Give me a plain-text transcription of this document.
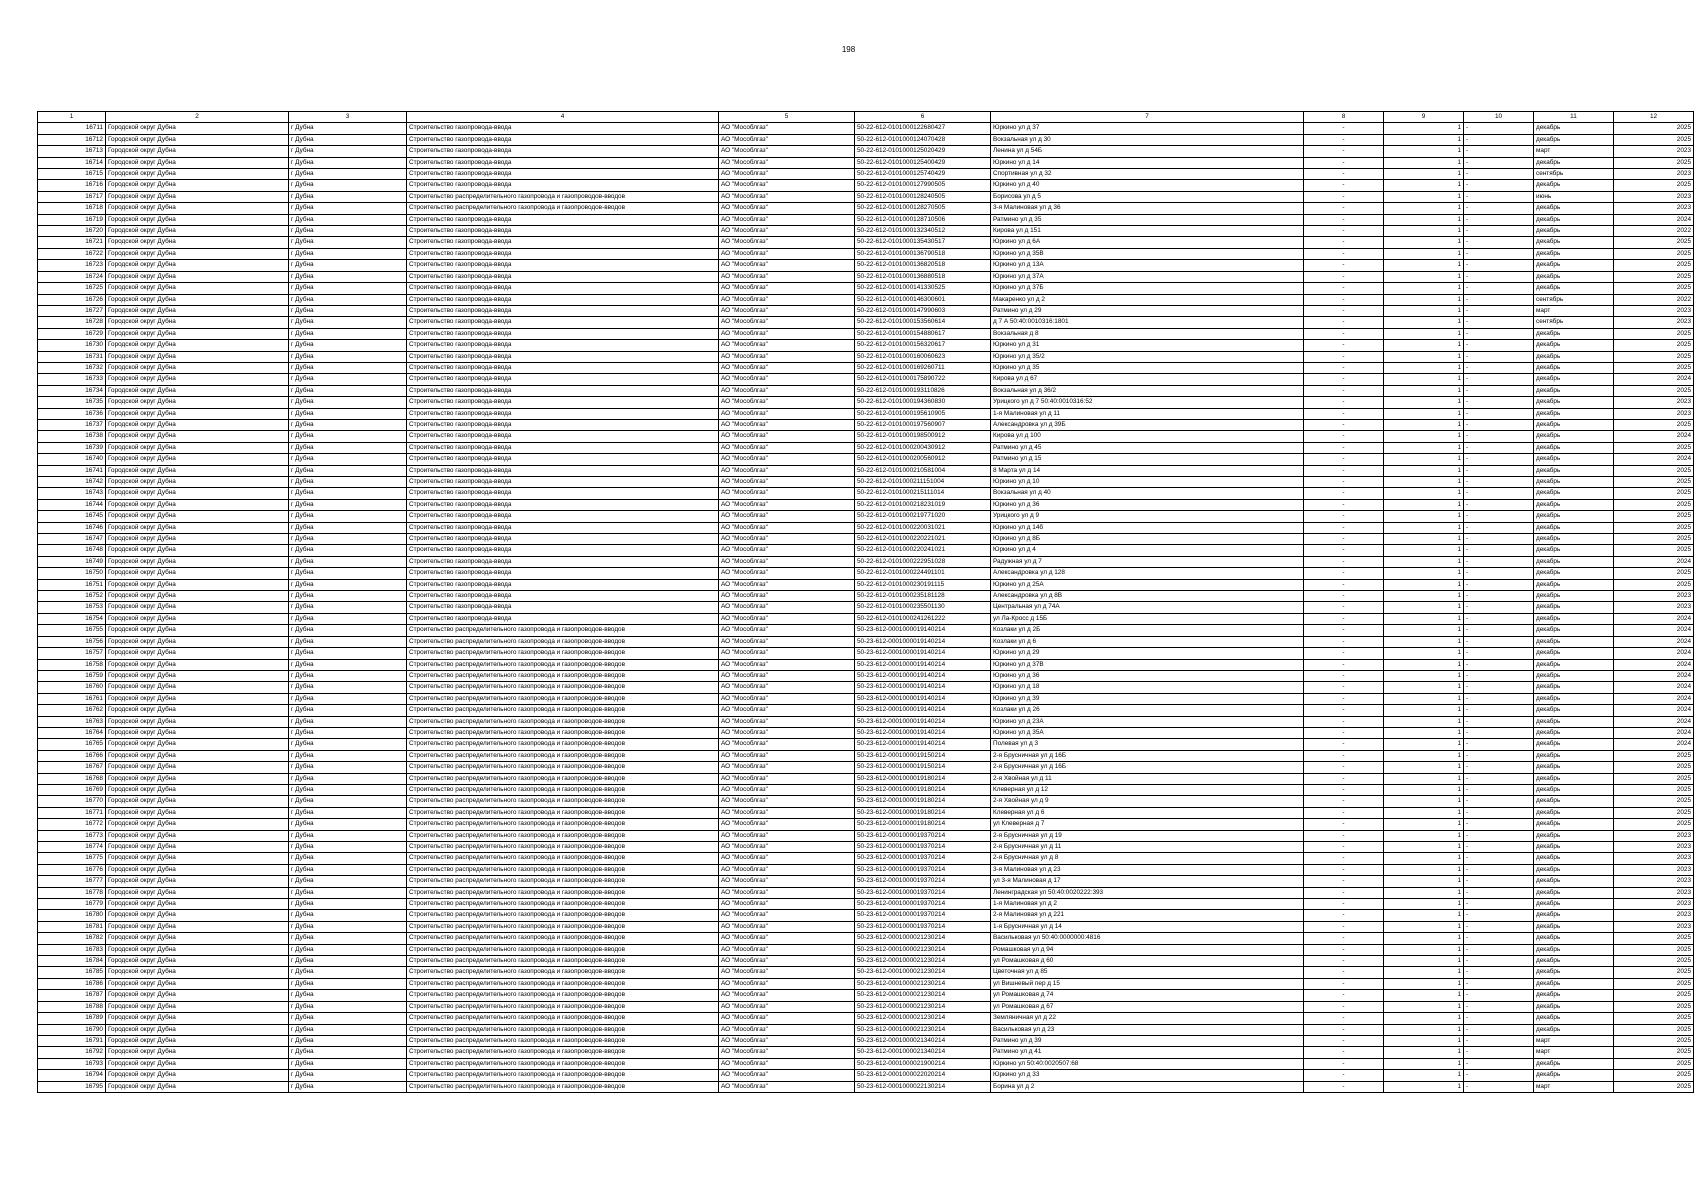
198
1	2	3	4	5	6	7	8	9	10	11	12
16711	Городской округ Дубна	г Дубна	Строительство газопровода-ввода	АО "Мособлгаз"	50-22-612-0101000122680427	Юркино ул д 37	-	1	-	декабрь	2025
16712	Городской округ Дубна	г Дубна	Строительство газопровода-ввода	АО "Мособлгаз"	50-22-612-0101000124070428	Вокзальная ул д 30	-	1	-	декабрь	2025
16713	Городской округ Дубна	г Дубна	Строительство газопровода-ввода	АО "Мособлгаз"	50-22-612-0101000125020429	Ленина ул д 54Б	-	1	-	март	2023
16714	Городской округ Дубна	г Дубна	Строительство газопровода-ввода	АО "Мособлгаз"	50-22-612-0101000125400429	Юркино ул д 14	-	1	-	декабрь	2025
16715	Городской округ Дубна	г Дубна	Строительство газопровода-ввода	АО "Мособлгаз"	50-22-612-0101000125740429	Спортивная ул д 32	-	1	-	сентябрь	2023
16716	Городской округ Дубна	г Дубна	Строительство газопровода-ввода	АО "Мособлгаз"	50-22-612-0101000127990505	Юркино ул д 40	-	1	-	декабрь	2025
16717	Городской округ Дубна	г Дубна	Строительство распределительного газопровода и газопроводов-вводов	АО "Мособлгаз"	50-22-612-0101000128240505	Борисова ул д 5	-	1	-	июнь	2023
16718	Городской округ Дубна	г Дубна	Строительство распределительного газопровода и газопроводов-вводов	АО "Мособлгаз"	50-22-612-0101000128270505	3-я Малиновая ул д 36	-	1	-	декабрь	2023
16719	Городской округ Дубна	г Дубна	Строительство газопровода-ввода	АО "Мособлгаз"	50-22-612-0101000128710506	Ратмино ул д 35	-	1	-	декабрь	2024
16720	Городской округ Дубна	г Дубна	Строительство газопровода-ввода	АО "Мособлгаз"	50-22-612-0101000132340512	Кирова ул д 151	-	1	-	декабрь	2022
16721	Городской округ Дубна	г Дубна	Строительство газопровода-ввода	АО "Мособлгаз"	50-22-612-0101000135430517	Юркино ул д 6А	-	1	-	декабрь	2025
16722	Городской округ Дубна	г Дубна	Строительство газопровода-ввода	АО "Мособлгаз"	50-22-612-0101000136790518	Юркино ул д 35В	-	1	-	декабрь	2025
16723	Городской округ Дубна	г Дубна	Строительство газопровода-ввода	АО "Мособлгаз"	50-22-612-0101000136820518	Юркино ул д 13А	-	1	-	декабрь	2025
16724	Городской округ Дубна	г Дубна	Строительство газопровода-ввода	АО "Мособлгаз"	50-22-612-0101000136880518	Юркино ул д 37А	-	1	-	декабрь	2025
16725	Городской округ Дубна	г Дубна	Строительство газопровода-ввода	АО "Мособлгаз"	50-22-612-0101000141330525	Юркино ул д 37Б	-	1	-	декабрь	2025
16726	Городской округ Дубна	г Дубна	Строительство газопровода-ввода	АО "Мособлгаз"	50-22-612-0101000146300601	Макаренко ул д 2	-	1	-	сентябрь	2022
16727	Городской округ Дубна	г Дубна	Строительство газопровода-ввода	АО "Мособлгаз"	50-22-612-0101000147990603	Ратмино ул д 29	-	1	-	март	2023
16728	Городской округ Дубна	г Дубна	Строительство газопровода-ввода	АО "Мособлгаз"	50-22-612-0101000153560614	д 7 А 50:40:0010316:1801	-	1	-	сентябрь	2023
16729	Городской округ Дубна	г Дубна	Строительство газопровода-ввода	АО "Мособлгаз"	50-22-612-0101000154880617	Вокзальная д 8	-	1	-	декабрь	2025
16730	Городской округ Дубна	г Дубна	Строительство газопровода-ввода	АО "Мособлгаз"	50-22-612-0101000156320617	Юркино ул д 31	-	1	-	декабрь	2025
16731	Городской округ Дубна	г Дубна	Строительство газопровода-ввода	АО "Мособлгаз"	50-22-612-0101000160060623	Юркино ул д 35/2	-	1	-	декабрь	2025
16732	Городской округ Дубна	г Дубна	Строительство газопровода-ввода	АО "Мособлгаз"	50-22-612-0101000169260711	Юркино ул д 35	-	1	-	декабрь	2025
16733	Городской округ Дубна	г Дубна	Строительство газопровода-ввода	АО "Мособлгаз"	50-22-612-0101000175890722	Кирова ул д 67	-	1	-	декабрь	2024
16734	Городской округ Дубна	г Дубна	Строительство газопровода-ввода	АО "Мособлгаз"	50-22-612-0101000193110826	Вокзальная ул д 36/2	-	1	-	декабрь	2025
16735	Городской округ Дубна	г Дубна	Строительство газопровода-ввода	АО "Мособлгаз"	50-22-612-0101000194360830	Урицкого ул д 7 50:40:0010316:52	-	1	-	декабрь	2023
16736	Городской округ Дубна	г Дубна	Строительство газопровода-ввода	АО "Мособлгаз"	50-22-612-0101000195610905	1-я Малиновая ул д 11	-	1	-	декабрь	2023
16737	Городской округ Дубна	г Дубна	Строительство газопровода-ввода	АО "Мособлгаз"	50-22-612-0101000197560907	Александровка ул д 39Б	-	1	-	декабрь	2025
16738	Городской округ Дубна	г Дубна	Строительство газопровода-ввода	АО "Мособлгаз"	50-22-612-0101000198500912	Кирова ул д 100	-	1	-	декабрь	2024
16739	Городской округ Дубна	г Дубна	Строительство газопровода-ввода	АО "Мособлгаз"	50-22-612-0101000200430912	Ратмино ул д 45	-	1	-	декабрь	2025
16740	Городской округ Дубна	г Дубна	Строительство газопровода-ввода	АО "Мособлгаз"	50-22-612-0101000200560912	Ратмино ул д 15	-	1	-	декабрь	2024
16741	Городской округ Дубна	г Дубна	Строительство газопровода-ввода	АО "Мособлгаз"	50-22-612-0101000210581004	8 Марта ул д 14	-	1	-	декабрь	2025
16742	Городской округ Дубна	г Дубна	Строительство газопровода-ввода	АО "Мособлгаз"	50-22-612-0101000211151004	Юркино ул д 10	-	1	-	декабрь	2025
16743	Городской округ Дубна	г Дубна	Строительство газопровода-ввода	АО "Мособлгаз"	50-22-612-0101000215111014	Вокзальная ул д 40	-	1	-	декабрь	2025
16744	Городской округ Дубна	г Дубна	Строительство газопровода-ввода	АО "Мособлгаз"	50-22-612-0101000218231019	Юркино ул д 36	-	1	-	декабрь	2025
16745	Городской округ Дубна	г Дубна	Строительство газопровода-ввода	АО "Мособлгаз"	50-22-612-0101000219771020	Урицкого ул д 9	-	1	-	декабрь	2025
16746	Городской округ Дубна	г Дубна	Строительство газопровода-ввода	АО "Мособлгаз"	50-22-612-0101000220031021	Юркино ул д 14б	-	1	-	декабрь	2025
16747	Городской округ Дубна	г Дубна	Строительство газопровода-ввода	АО "Мособлгаз"	50-22-612-0101000220221021	Юркино ул д 8Б	-	1	-	декабрь	2025
16748	Городской округ Дубна	г Дубна	Строительство газопровода-ввода	АО "Мособлгаз"	50-22-612-0101000220241021	Юркино ул д 4	-	1	-	декабрь	2025
16749	Городской округ Дубна	г Дубна	Строительство газопровода-ввода	АО "Мособлгаз"	50-22-612-0101000222951028	Радужная ул д 7	-	1	-	декабрь	2024
16750	Городской округ Дубна	г Дубна	Строительство газопровода-ввода	АО "Мособлгаз"	50-22-612-0101000224491101	Александровка ул д 128	-	1	-	декабрь	2025
16751	Городской округ Дубна	г Дубна	Строительство газопровода-ввода	АО "Мособлгаз"	50-22-612-0101000230191115	Юркино ул д 25А	-	1	-	декабрь	2025
16752	Городской округ Дубна	г Дубна	Строительство газопровода-ввода	АО "Мособлгаз"	50-22-612-0101000235181128	Александровка ул д 8В	-	1	-	декабрь	2023
16753	Городской округ Дубна	г Дубна	Строительство газопровода-ввода	АО "Мособлгаз"	50-22-612-0101000235501130	Центральная ул д 74А	-	1	-	декабрь	2023
16754	Городской округ Дубна	г Дубна	Строительство газопровода-ввода	АО "Мособлгаз"	50-22-612-0101000241261222	ул Ла-Кросс д 15Б	-	1	-	декабрь	2024
16755	Городской округ Дубна	г Дубна	Строительство распределительного газопровода и газопроводов-вводов	АО "Мособлгаз"	50-23-612-0001000019140214	Козлаки ул д 2Б	-	1	-	декабрь	2024
16756	Городской округ Дубна	г Дубна	Строительство распределительного газопровода и газопроводов-вводов	АО "Мособлгаз"	50-23-612-0001000019140214	Козлаки ул д 6	-	1	-	декабрь	2024
16757	Городской округ Дубна	г Дубна	Строительство распределительного газопровода и газопроводов-вводов	АО "Мособлгаз"	50-23-612-0001000019140214	Юркино ул д 29	-	1	-	декабрь	2024
16758	Городской округ Дубна	г Дубна	Строительство распределительного газопровода и газопроводов-вводов	АО "Мособлгаз"	50-23-612-0001000019140214	Юркино ул д 37В	-	1	-	декабрь	2024
16759	Городской округ Дубна	г Дубна	Строительство распределительного газопровода и газопроводов-вводов	АО "Мособлгаз"	50-23-612-0001000019140214	Юркино ул д 36	-	1	-	декабрь	2024
16760	Городской округ Дубна	г Дубна	Строительство распределительного газопровода и газопроводов-вводов	АО "Мособлгаз"	50-23-612-0001000019140214	Юркино ул д 18	-	1	-	декабрь	2024
16761	Городской округ Дубна	г Дубна	Строительство распределительного газопровода и газопроводов-вводов	АО "Мособлгаз"	50-23-612-0001000019140214	Юркино ул д 39	-	1	-	декабрь	2024
16762	Городской округ Дубна	г Дубна	Строительство распределительного газопровода и газопроводов-вводов	АО "Мособлгаз"	50-23-612-0001000019140214	Козлаки ул д 26	-	1	-	декабрь	2024
16763	Городской округ Дубна	г Дубна	Строительство распределительного газопровода и газопроводов-вводов	АО "Мособлгаз"	50-23-612-0001000019140214	Юркино ул д 23А	-	1	-	декабрь	2024
16764	Городской округ Дубна	г Дубна	Строительство распределительного газопровода и газопроводов-вводов	АО "Мособлгаз"	50-23-612-0001000019140214	Юркино ул д 35А	-	1	-	декабрь	2024
16765	Городской округ Дубна	г Дубна	Строительство распределительного газопровода и газопроводов-вводов	АО "Мособлгаз"	50-23-612-0001000019140214	Полевая ул д 3	-	1	-	декабрь	2024
16766	Городской округ Дубна	г Дубна	Строительство распределительного газопровода и газопроводов-вводов	АО "Мособлгаз"	50-23-612-0001000019150214	2-я Брусничная ул д 16Б	-	1	-	декабрь	2025
16767	Городской округ Дубна	г Дубна	Строительство распределительного газопровода и газопроводов-вводов	АО "Мособлгаз"	50-23-612-0001000019150214	2-я Брусничная ул д 16Б	-	1	-	декабрь	2025
16768	Городской округ Дубна	г Дубна	Строительство распределительного газопровода и газопроводов-вводов	АО "Мособлгаз"	50-23-612-0001000019180214	2-я Хвойная ул д 11	-	1	-	декабрь	2025
16769	Городской округ Дубна	г Дубна	Строительство распределительного газопровода и газопроводов-вводов	АО "Мособлгаз"	50-23-612-0001000019180214	Клеверная ул д 12	-	1	-	декабрь	2025
16770	Городской округ Дубна	г Дубна	Строительство распределительного газопровода и газопроводов-вводов	АО "Мособлгаз"	50-23-612-0001000019180214	2-я Хвойная ул д 9	-	1	-	декабрь	2025
16771	Городской округ Дубна	г Дубна	Строительство распределительного газопровода и газопроводов-вводов	АО "Мособлгаз"	50-23-612-0001000019180214	Клеверная ул д 6	-	1	-	декабрь	2025
16772	Городской округ Дубна	г Дубна	Строительство распределительного газопровода и газопроводов-вводов	АО "Мособлгаз"	50-23-612-0001000019180214	ул Клеверная д 7	-	1	-	декабрь	2025
16773	Городской округ Дубна	г Дубна	Строительство распределительного газопровода и газопроводов-вводов	АО "Мособлгаз"	50-23-612-0001000019370214	2-я Брусничная ул д 19	-	1	-	декабрь	2023
16774	Городской округ Дубна	г Дубна	Строительство распределительного газопровода и газопроводов-вводов	АО "Мособлгаз"	50-23-612-0001000019370214	2-я Брусничная ул д 11	-	1	-	декабрь	2023
16775	Городской округ Дубна	г Дубна	Строительство распределительного газопровода и газопроводов-вводов	АО "Мособлгаз"	50-23-612-0001000019370214	2-я Брусничная ул д 8	-	1	-	декабрь	2023
16776	Городской округ Дубна	г Дубна	Строительство распределительного газопровода и газопроводов-вводов	АО "Мособлгаз"	50-23-612-0001000019370214	3-я Малиновая ул д 23	-	1	-	декабрь	2023
16777	Городской округ Дубна	г Дубна	Строительство распределительного газопровода и газопроводов-вводов	АО "Мособлгаз"	50-23-612-0001000019370214	ул 3-я Малиновая д 17	-	1	-	декабрь	2023
16778	Городской округ Дубна	г Дубна	Строительство распределительного газопровода и газопроводов-вводов	АО "Мособлгаз"	50-23-612-0001000019370214	Ленинградская ул 50:40:0020222:393	-	1	-	декабрь	2023
16779	Городской округ Дубна	г Дубна	Строительство распределительного газопровода и газопроводов-вводов	АО "Мособлгаз"	50-23-612-0001000019370214	1-я Малиновая ул д 2	-	1	-	декабрь	2023
16780	Городской округ Дубна	г Дубна	Строительство распределительного газопровода и газопроводов-вводов	АО "Мособлгаз"	50-23-612-0001000019370214	2-я Малиновая ул д 221	-	1	-	декабрь	2023
16781	Городской округ Дубна	г Дубна	Строительство распределительного газопровода и газопроводов-вводов	АО "Мособлгаз"	50-23-612-0001000019370214	1-я Брусничная ул д 14	-	1	-	декабрь	2023
16782	Городской округ Дубна	г Дубна	Строительство распределительного газопровода и газопроводов-вводов	АО "Мособлгаз"	50-23-612-0001000021230214	Васильковая ул 50:40:0000000:4816	-	1	-	декабрь	2025
16783	Городской округ Дубна	г Дубна	Строительство распределительного газопровода и газопроводов-вводов	АО "Мособлгаз"	50-23-612-0001000021230214	Ромашковая ул д 94	-	1	-	декабрь	2025
16784	Городской округ Дубна	г Дубна	Строительство распределительного газопровода и газопроводов-вводов	АО "Мособлгаз"	50-23-612-0001000021230214	ул Ромашковая д 60	-	1	-	декабрь	2025
16785	Городской округ Дубна	г Дубна	Строительство распределительного газопровода и газопроводов-вводов	АО "Мособлгаз"	50-23-612-0001000021230214	Цветочная ул д 85	-	1	-	декабрь	2025
16786	Городской округ Дубна	г Дубна	Строительство распределительного газопровода и газопроводов-вводов	АО "Мособлгаз"	50-23-612-0001000021230214	ул Вишневый пер д 15	-	1	-	декабрь	2025
16787	Городской округ Дубна	г Дубна	Строительство распределительного газопровода и газопроводов-вводов	АО "Мособлгаз"	50-23-612-0001000021230214	ул Ромашковая д 74	-	1	-	декабрь	2025
16788	Городской округ Дубна	г Дубна	Строительство распределительного газопровода и газопроводов-вводов	АО "Мособлгаз"	50-23-612-0001000021230214	ул Ромашковая д 67	-	1	-	декабрь	2025
16789	Городской округ Дубна	г Дубна	Строительство распределительного газопровода и газопроводов-вводов	АО "Мособлгаз"	50-23-612-0001000021230214	Земляничная ул д 22	-	1	-	декабрь	2025
16790	Городской округ Дубна	г Дубна	Строительство распределительного газопровода и газопроводов-вводов	АО "Мособлгаз"	50-23-612-0001000021230214	Васильковая ул д 23	-	1	-	декабрь	2025
16791	Городской округ Дубна	г Дубна	Строительство распределительного газопровода и газопроводов-вводов	АО "Мособлгаз"	50-23-612-0001000021340214	Ратмино ул д 39	-	1	-	март	2025
16792	Городской округ Дубна	г Дубна	Строительство распределительного газопровода и газопроводов-вводов	АО "Мособлгаз"	50-23-612-0001000021340214	Ратмино ул д 41	-	1	-	март	2025
16793	Городской округ Дубна	г Дубна	Строительство распределительного газопровода и газопроводов-вводов	АО "Мособлгаз"	50-23-612-0001000021900214	Юркино ул 50:40:0020507:68	-	1	-	декабрь	2025
16794	Городской округ Дубна	г Дубна	Строительство распределительного газопровода и газопроводов-вводов	АО "Мособлгаз"	50-23-612-0001000022020214	Юркино ул д 33	-	1	-	декабрь	2025
16795	Городской округ Дубна	г Дубна	Строительство распределительного газопровода и газопроводов-вводов	АО "Мособлгаз"	50-23-612-0001000022130214	Борина ул д 2	-	1	-	март	2025
